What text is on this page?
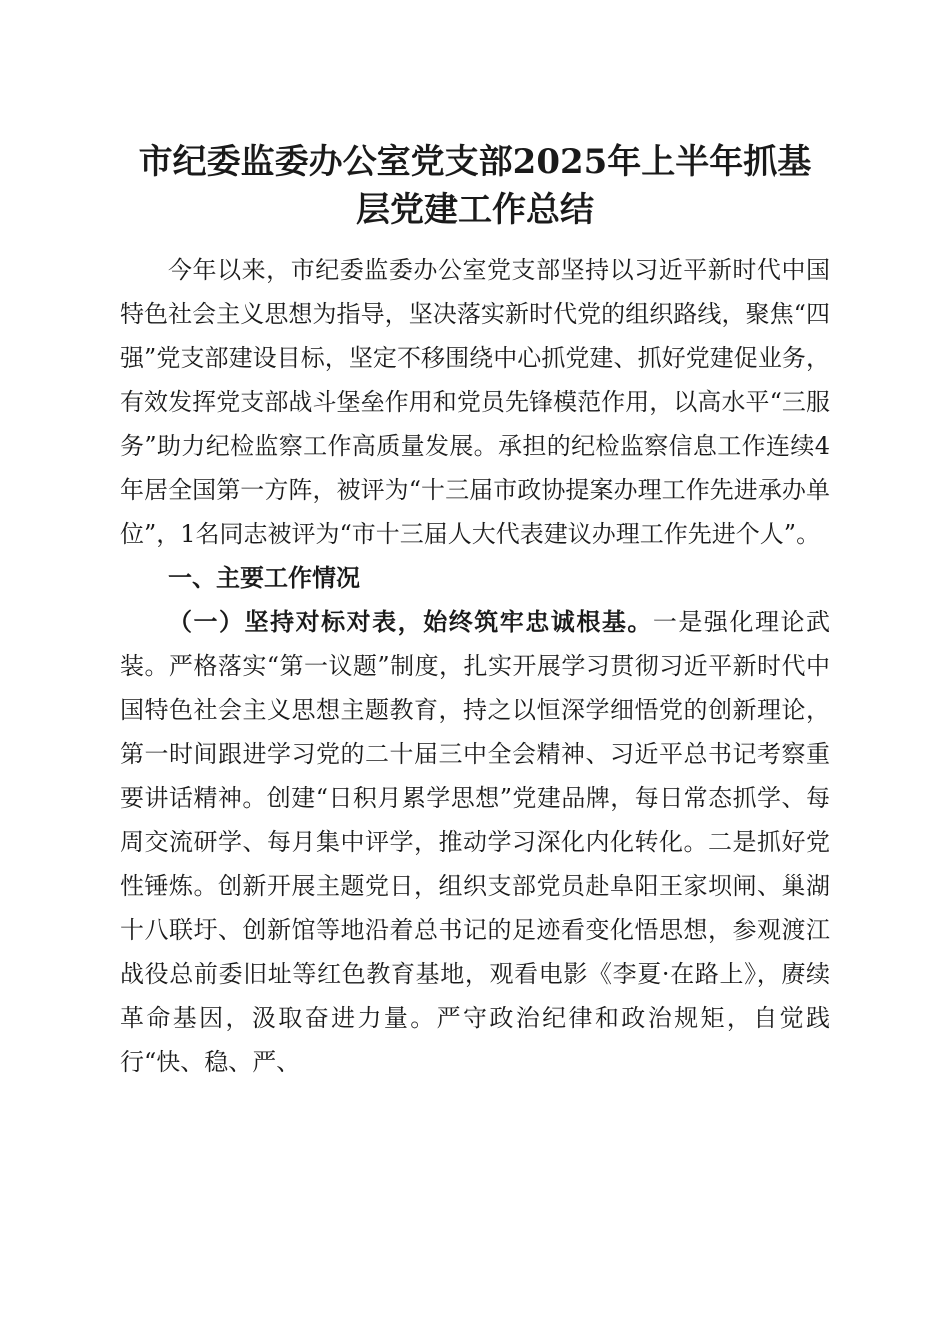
市纪委监委办公室党支部2025年上半年抓基
层党建工作总结

今年以来，市纪委监委办公室党支部坚持以习近平新时代中国特色社会主义思想为指导，坚决落实新时代党的组织路线，聚焦“四强”党支部建设目标，坚定不移围绕中心抓党建、抓好党建促业务，有效发挥党支部战斗堡垒作用和党员先锋模范作用，以高水平“三服务”助力纪检监察工作高质量发展。承担的纪检监察信息工作连续4年居全国第一方阵，被评为“十三届市政协提案办理工作先进承办单位”，1名同志被评为“市十三届人大代表建议办理工作先进个人”。

一、主要工作情况

（一）坚持对标对表，始终筑牢忠诚根基。一是强化理论武装。严格落实“第一议题”制度，扎实开展学习贯彻习近平新时代中国特色社会主义思想主题教育，持之以恒深学细悟党的创新理论，第一时间跟进学习党的二十届三中全会精神、习近平总书记考察重要讲话精神。创建“日积月累学思想”党建品牌，每日常态抓学、每周交流研学、每月集中评学，推动学习深化内化转化。二是抓好党性锤炼。创新开展主题党日，组织支部党员赴阜阳王家坝闸、巢湖十八联圩、创新馆等地沿着总书记的足迹看变化悟思想，参观渡江战役总前委旧址等红色教育基地，观看电影《李夏·在路上》，赓续革命基因，汲取奋进力量。严守政治纪律和政治规矩，自觉践行“快、稳、严、
